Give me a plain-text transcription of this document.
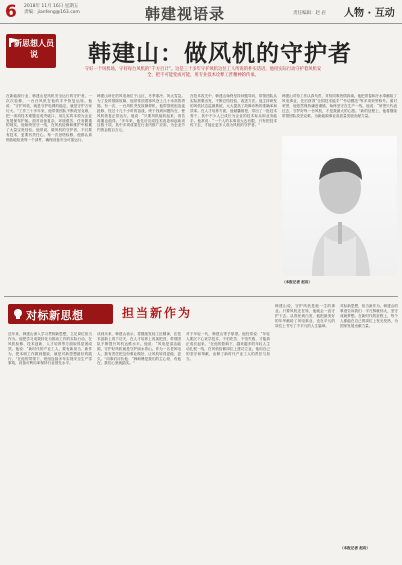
6 2018年 11月 16日 星期五
责编：jianfeng@163.com	韩建视语录	责任编辑：赵 岩 人物 · 互动
新思想人员说	韩建山：做风机的守护者

守好一个风机场，守好每台风机的“千方百计”。这是三十多年守护风机这位工人所说的朴实话语，他用实际行动守护着风机安全，把不可能变成可能，用专业技术诠释工匠精神的传承。

在新能源行业，韩建山是风机安全运行的守护者。一次次检修，一台台风机在他的手中恢复运转。他说：“守护风机，就是守护电网的稳定，就是守护万家灯火。”工作三十多年来，他带领团队不断攻坚克难，把一项项技术难题变成突破口，用扎实的本领为企业发展保驾护航。面对设备复杂、环境艰苦、任务繁重的现实，他始终坚守一线，在风机检修和维护中积累了大量宝贵经验。他常说，做风机的守护者，不仅要有技术，更要有责任心。每一次登塔检修，他都认真细致地检查每一个部件，确保设备安全可靠运行。
韩建山所在的风电场位于山区，冬季寒冷，风大雪急。为了及时排除故障，他常常顶着寒风登上几十米高的塔筒。有一次，一台风机突发故障停机，他带领班组连夜抢修，经过十几个小时的奋战，终于找到问题所在，使风机恢复正常运行。他说：“只要风机能转起来，再苦再累也值得。”多年来，他先后完成技术改造和创新项目数十项，其中多项成果在行业内推广应用，为企业节约资金数百万元。
在技术攻关中，韩建山始终坚持问题导向，带领团队从实际需要出发，不断总结经验、改进方法。他主持研发的风机状态监测系统，大大提高了故障诊断的准确率和效率。在人才培养方面，他倾囊相授，带出了一批技术骨干，其中不少人已成长为企业的技术标兵和业务能手。他常说：“一个人的本事再大也有限，只有把技术传下去，才能让更多人成为风机的守护者。”
韩建山对待工作认真负责，对待同事热情真诚。他把青春和汗水奉献给了风电事业，先后获得“全国技术能手”“劳动模范”等多项荣誉称号。面对荣誉，他依然保持谦虚谨慎，始终坚守在生产一线。他说：“荣誉只代表过去，守护好每一台风机，才是我最大的心愿。”新的征程上，他将继续带领团队攻坚克难，为新能源事业高质量发展贡献力量。
（本报记者 赵岩）
对标新思想	担当新作为
近年来，韩建山深入学习贯彻新思想，立足岗位担当作为。他把学习成果转化为推动工作的实际行动，在风机检修、技术创新、人才培养等方面取得显著成效。他说：“新时代的产业工人，要有新担当、新作为，把本职工作做到极致，就是对新思想最好的践行。”在他的带领下，班组连续多年实现安全生产零事故，设备可利用率保持行业领先水平。
谈到未来，韩建山表示，将继续发扬工匠精神，在技术创新上再下功夫，在人才培养上再加把劲，带领团队不断提升风机运维水平。他说：“风电是清洁能源，守护好风机就是守护绿水青山。作为一名老风电人，我有责任把这份事业做好，让风机转得更稳、更久。”同事们评价他：“韩师傅是我们的主心骨，有他在，我们心里就踏实。”
对于年轻一代，韩建山寄予厚望。他经常说：“年轻人要沉下心来学技术，不怕吃苦、不怕失败，才能真正成长起来。”在他的影响下，越来越多的年轻人主动扎根一线，在风机检修岗位上建功立业。他用自己的坚守和奉献，诠释了新时代产业工人的责任与担当。
韩建山说，守护风机是他一生的事业。只要风机还在转，他就会一直守护下去。从青丝到白发，他把最美好的年华献给了风电事业，也在平凡的岗位上书写了不平凡的人生篇章。
对标新思想，担当新作为。韩建山的事迹告诉我们：平凡铸就伟大，坚守成就梦想。在新时代的征程上，每个人都能在自己的岗位上发光发热，为国家发展贡献力量。
（本报记者 赵岩）
